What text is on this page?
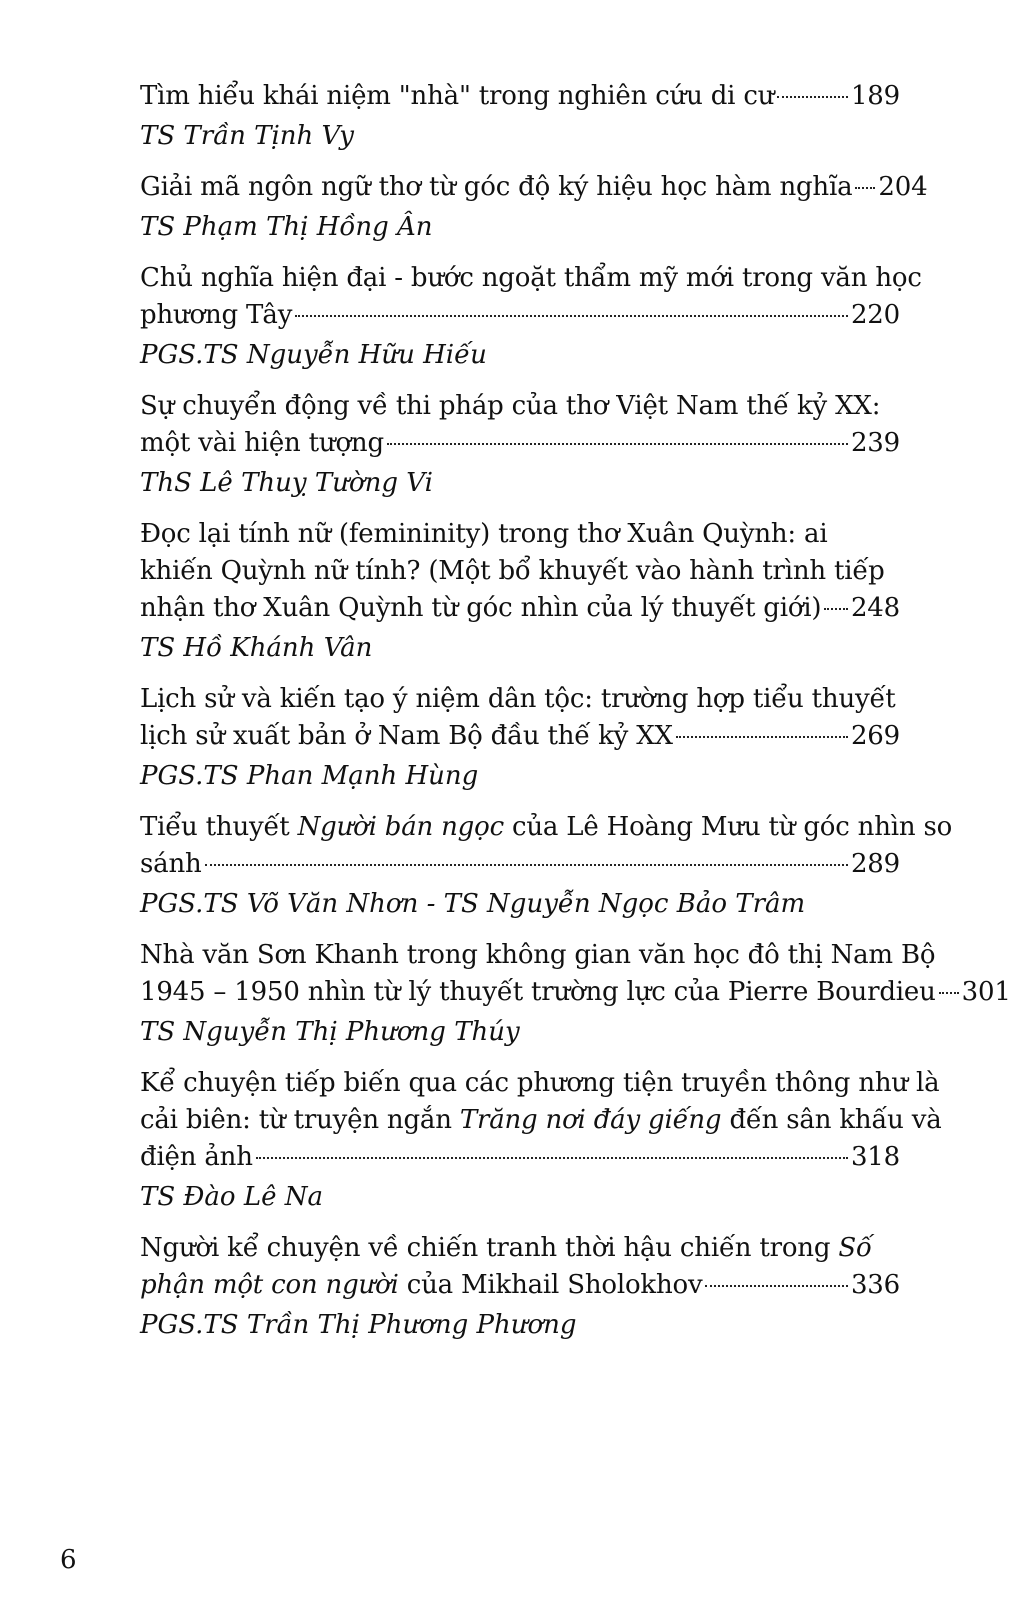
Tìm hiểu khái niệm "nhà" trong nghiên cứu di cư	189
TS Trần Tịnh Vy
Giải mã ngôn ngữ thơ từ góc độ ký hiệu học hàm nghĩa 204
TS Phạm Thị Hồng Ân
Chủ nghĩa hiện đại - bước ngoặt thẩm mỹ mới trong văn học
phương Tây	220
PGS.TS Nguyễn Hữu Hiếu
Sự chuyển động về thi pháp của thơ Việt Nam thế kỷ XX:
một vài hiện tượng	239
ThS Lê Thuỵ Tường Vi
Đọc lại tính nữ (femininity) trong thơ Xuân Quỳnh: ai
khiến Quỳnh nữ tính? (Một bổ khuyết vào hành trình tiếp
nhận thơ Xuân Quỳnh từ góc nhìn của lý thuyết giới) 248
TS Hồ Khánh Vân
Lịch sử và kiến tạo ý niệm dân tộc: trường hợp tiểu thuyết
lịch sử xuất bản ở Nam Bộ đầu thế kỷ XX	269
PGS.TS Phan Mạnh Hùng
Tiểu thuyết Người bán ngọc của Lê Hoàng Mưu từ góc nhìn so
sánh	289
PGS.TS Võ Văn Nhơn - TS Nguyễn Ngọc Bảo Trâm
Nhà văn Sơn Khanh trong không gian văn học đô thị Nam Bộ
1945 – 1950 nhìn từ lý thuyết trường lực của Pierre Bourdieu 301
TS Nguyễn Thị Phương Thúy
Kể chuyện tiếp biến qua các phương tiện truyền thông như là
cải biên: từ truyện ngắn Trăng nơi đáy giếng đến sân khấu và
điện ảnh	318
TS Đào Lê Na
Người kể chuyện về chiến tranh thời hậu chiến trong Số
phận một con người của Mikhail Sholokhov	336
PGS.TS Trần Thị Phương Phương
6
